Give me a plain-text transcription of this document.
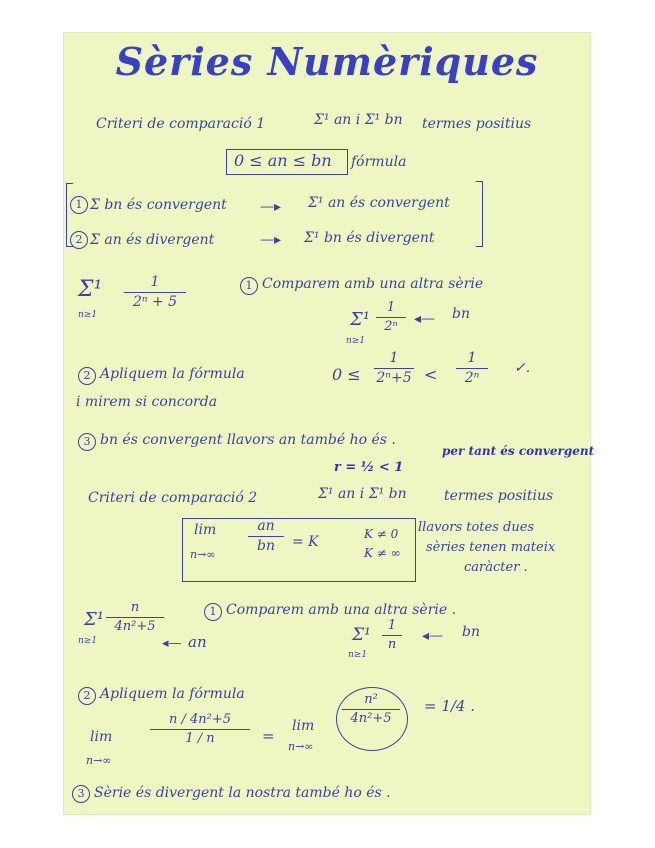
Sèries Numèriques
Criteri de comparació 1	Σ¹ an i Σ¹ bn termes positius
0 ≤ an ≤ bn fórmula
1 Σ bn és convergent —▸ Σ¹ an és convergent
2 Σ an és divergent	—▸ Σ¹ bn és divergent
Σ¹
n≥1
1
2ⁿ + 5
1 Comparem amb una altra sèrie
Σ¹
n≥1
1
2ⁿ	◂— bn
2 Apliquem la fórmula
i mirem si concorda
0 ≤
1
2ⁿ+5 <
1
2ⁿ
✓.
3 bn és convergent llavors an també ho és .
r = ½ < 1
per tant és convergent
Criteri de comparació 2	Σ¹ an i Σ¹ bn	termes positius
lim
n→∞
an
bn	= K	K ≠ 0
K ≠ ∞
llavors totes dues
sèries tenen mateix
caràcter .
Σ¹
n≥1
n
4n²+5
◂— an
1 Comparem amb una altra sèrie .
Σ¹
n≥1
1
n
◂— bn
2 Apliquem la fórmula
lim
n→∞
n / 4n²+5
1 / n	=
lim
n→∞
n²
4n²+5
= 1/4 .
3 Sèrie és divergent la nostra també ho és .
